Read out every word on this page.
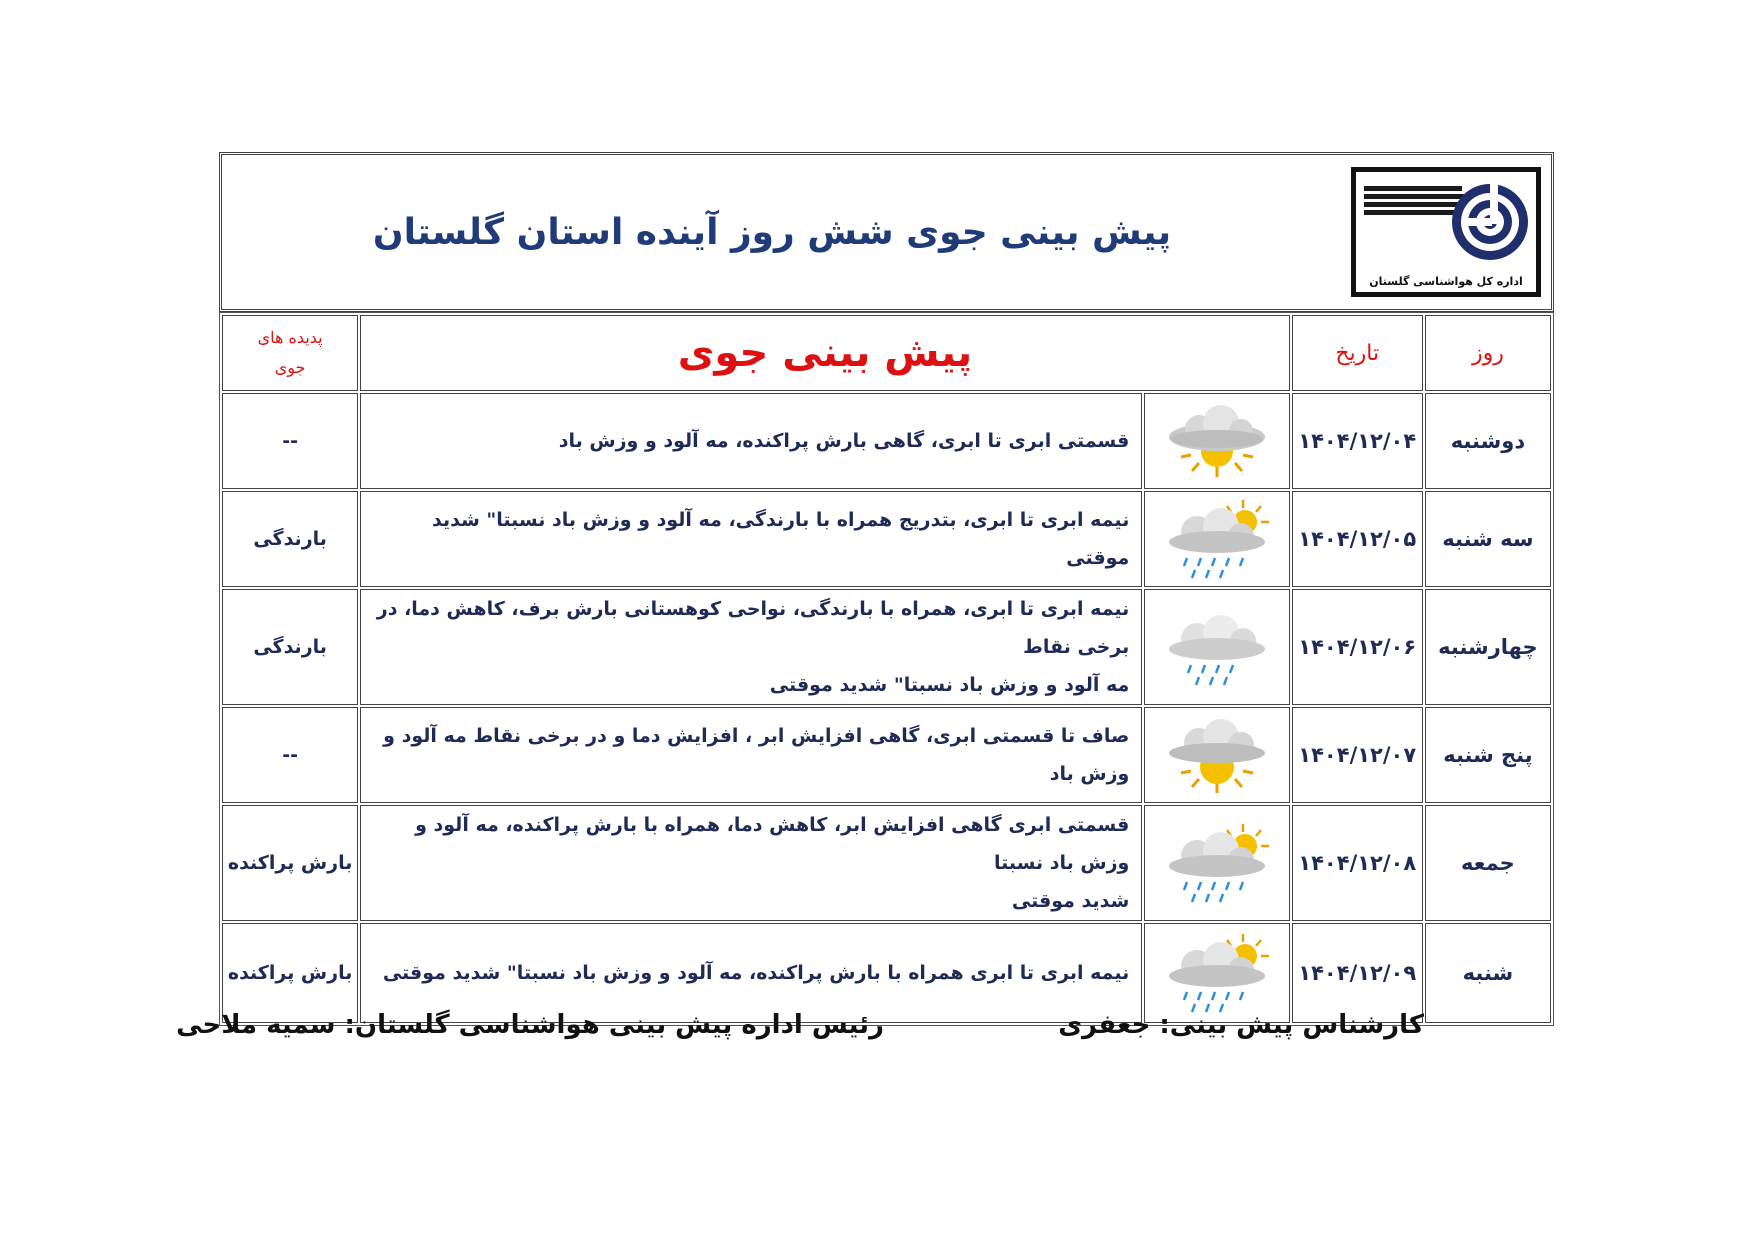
پیش بینی جوی شش روز آینده استان گلستان
اداره کل هواشناسی گلستان
پدیده های
جوی	پیش بینی جوی		تاریخ	روز
--	قسمتی ابری تا ابری، گاهی بارش پراکنده، مه آلود و وزش باد		۱۴۰۴/۱۲/۰۴	دوشنبه
بارندگی	نیمه ابری تا ابری، بتدریج همراه با بارندگی، مه آلود و وزش باد نسبتا" شدید موقتی		۱۴۰۴/۱۲/۰۵	سه شنبه
بارندگی	نیمه ابری تا ابری، همراه با بارندگی، نواحی کوهستانی بارش برف، کاهش دما، در برخی نقاط
مه آلود و وزش باد نسبتا" شدید موقتی		۱۴۰۴/۱۲/۰۶	چهارشنبه
--	صاف تا قسمتی ابری، گاهی افزایش ابر ، افزایش دما و در برخی نقاط مه آلود و وزش باد		۱۴۰۴/۱۲/۰۷	پنج شنبه
بارش پراکنده	قسمتی ابری گاهی افزایش ابر، کاهش دما، همراه با بارش پراکنده، مه آلود و وزش باد نسبتا
شدید موقتی		۱۴۰۴/۱۲/۰۸	جمعه
بارش پراکنده	نیمه ابری تا ابری همراه با بارش پراکنده، مه آلود و وزش باد نسبتا" شدید موقتی		۱۴۰۴/۱۲/۰۹	شنبه
کارشناس پیش بینی: جعفری
رئیس اداره پیش بینی هواشناسی گلستان: سمیه ملاحی
